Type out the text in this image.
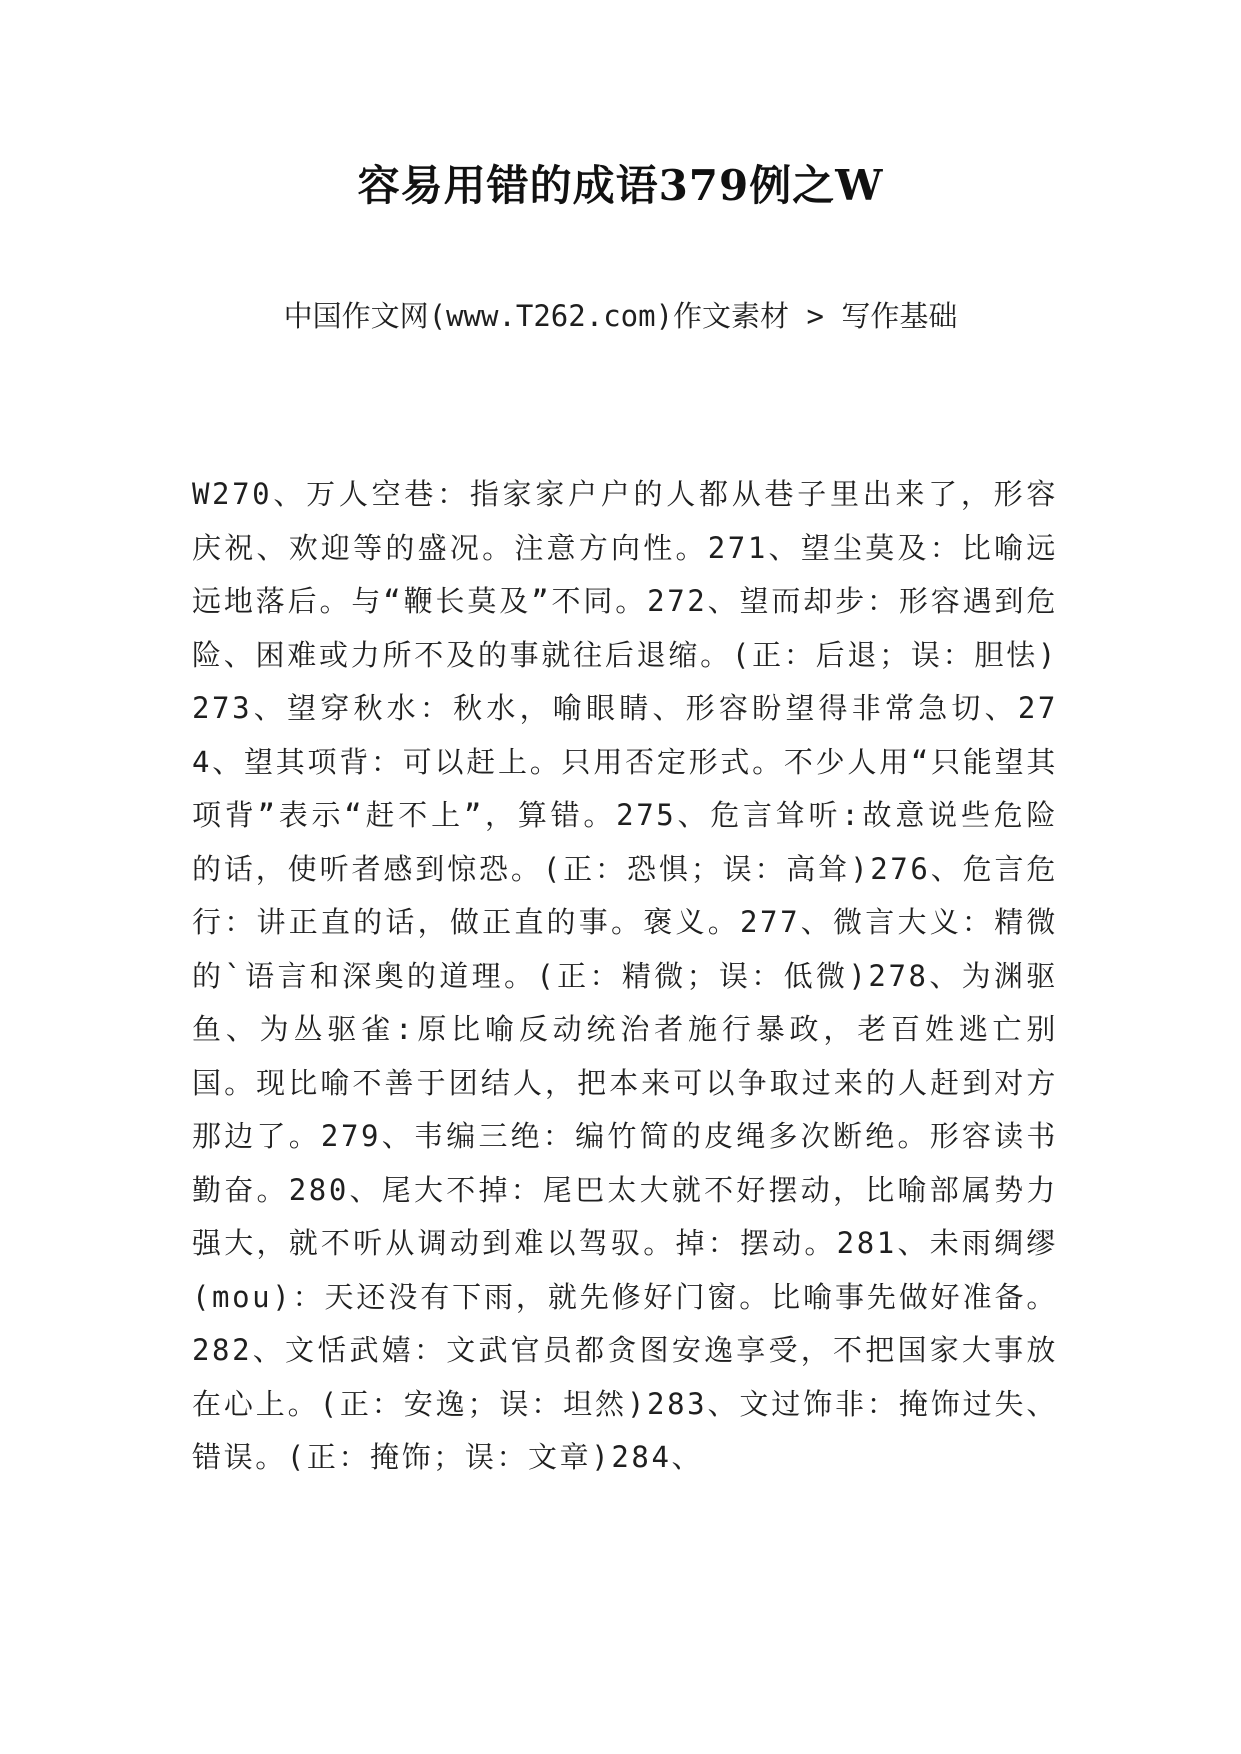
容易用错的成语379例之W

中国作文网(www.T262.com)作文素材 > 写作基础

W270、万人空巷：指家家户户的人都从巷子里出来了，形容庆祝、欢迎等的盛况。注意方向性。271、望尘莫及：比喻远远地落后。与“鞭长莫及”不同。272、望而却步：形容遇到危险、困难或力所不及的事就往后退缩。(正：后退；误：胆怯)273、望穿秋水：秋水，喻眼睛、形容盼望得非常急切、274、望其项背：可以赶上。只用否定形式。不少人用“只能望其项背”表示“赶不上”，算错。275、危言耸听:故意说些危险的话，使听者感到惊恐。(正：恐惧；误：高耸)276、危言危行：讲正直的话，做正直的事。褒义。277、微言大义：精微的`语言和深奥的道理。(正：精微；误：低微)278、为渊驱鱼、为丛驱雀:原比喻反动统治者施行暴政，老百姓逃亡别国。现比喻不善于团结人，把本来可以争取过来的人赶到对方那边了。279、韦编三绝：编竹简的皮绳多次断绝。形容读书勤奋。280、尾大不掉：尾巴太大就不好摆动，比喻部属势力强大，就不听从调动到难以驾驭。掉：摆动。281、未雨绸缪(mou)：天还没有下雨，就先修好门窗。比喻事先做好准备。282、文恬武嬉：文武官员都贪图安逸享受，不把国家大事放在心上。(正：安逸；误：坦然)283、文过饰非：掩饰过失、错误。(正：掩饰；误：文章)284、
